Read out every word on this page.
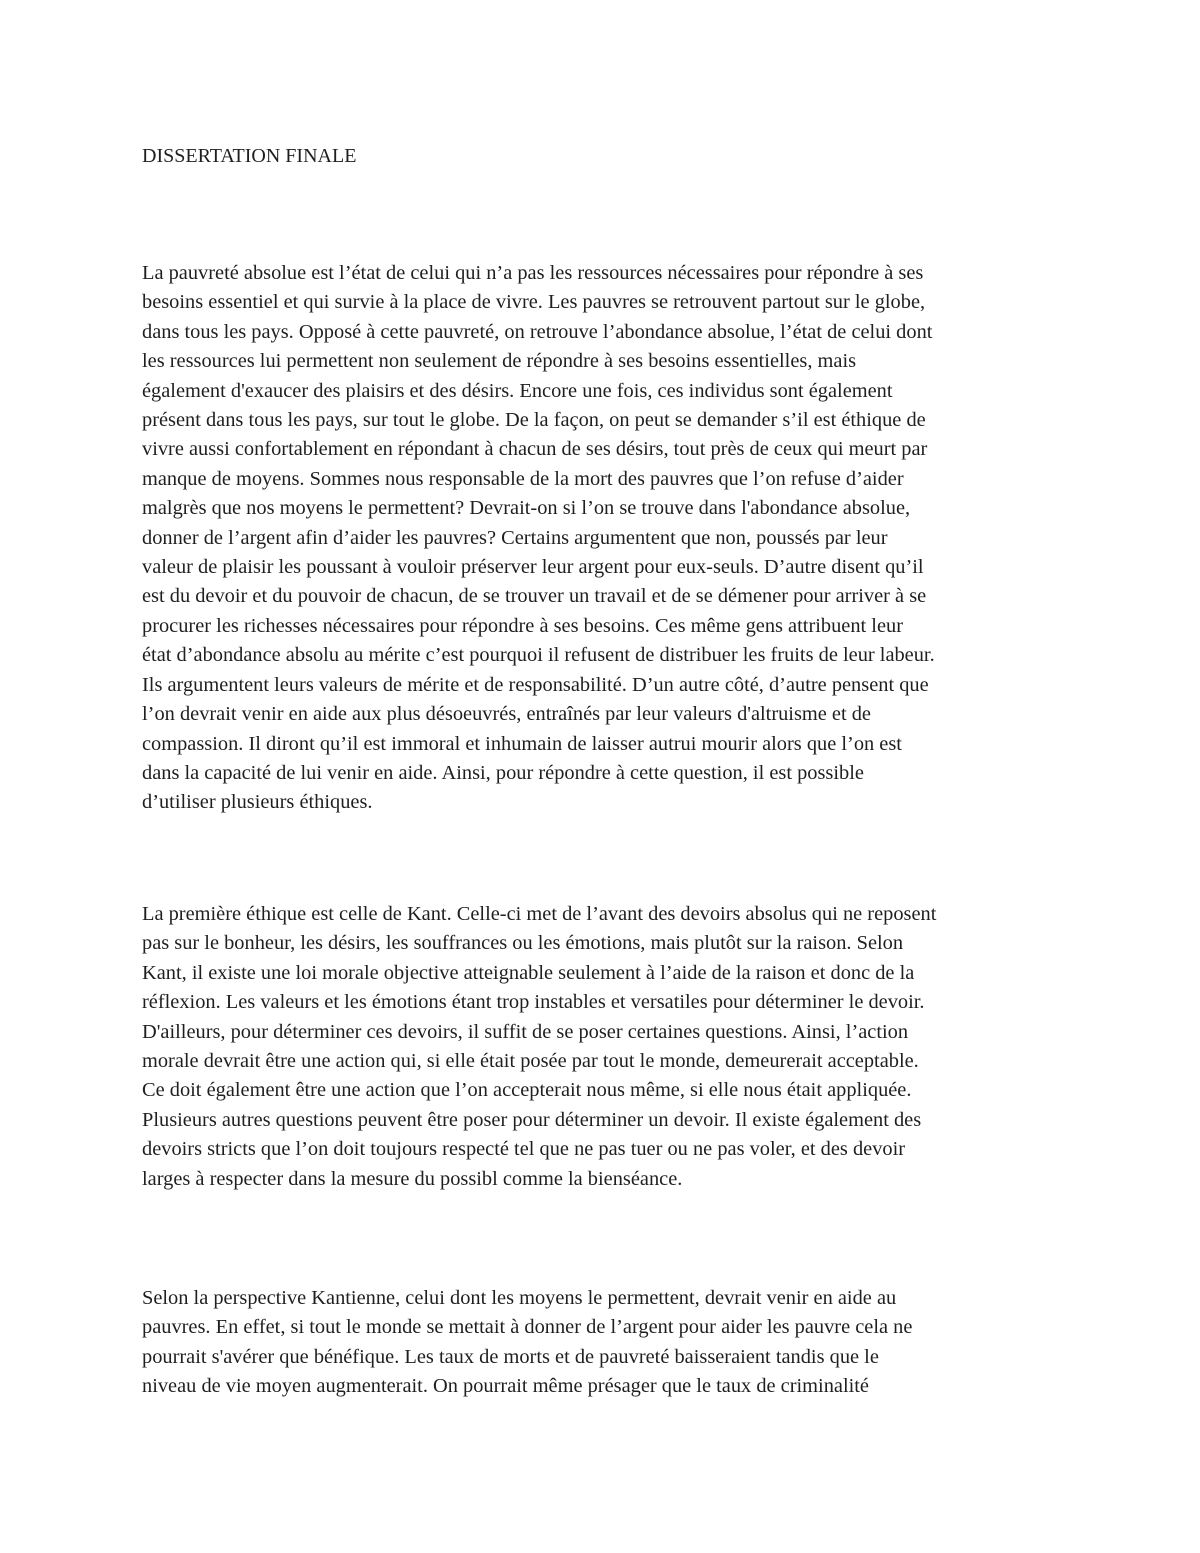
DISSERTATION FINALE

La pauvreté absolue est l’état de celui qui n’a pas les ressources nécessaires pour répondre à ses
besoins essentiel et qui survie à la place de vivre. Les pauvres se retrouvent partout sur le globe,
dans tous les pays. Opposé à cette pauvreté, on retrouve l’abondance absolue, l’état de celui dont
les ressources lui permettent non seulement de répondre à ses besoins essentielles, mais
également d'exaucer des plaisirs et des désirs. Encore une fois, ces individus sont également
présent dans tous les pays, sur tout le globe. De la façon, on peut se demander s’il est éthique de
vivre aussi confortablement en répondant à chacun de ses désirs, tout près de ceux qui meurt par
manque de moyens. Sommes nous responsable de la mort des pauvres que l’on refuse d’aider
malgrès que nos moyens le permettent? Devrait-on si l’on se trouve dans l'abondance absolue,
donner de l’argent afin d’aider les pauvres? Certains argumentent que non, poussés par leur
valeur de plaisir les poussant à vouloir préserver leur argent pour eux-seuls. D’autre disent qu’il
est du devoir et du pouvoir de chacun, de se trouver un travail et de se démener pour arriver à se
procurer les richesses nécessaires pour répondre à ses besoins. Ces même gens attribuent leur
état d’abondance absolu au mérite c’est pourquoi il refusent de distribuer les fruits de leur labeur.
Ils argumentent leurs valeurs de mérite et de responsabilité. D’un autre côté, d’autre pensent que
l’on devrait venir en aide aux plus désoeuvrés, entraînés par leur valeurs d'altruisme et de
compassion. Il diront qu’il est immoral et inhumain de laisser autrui mourir alors que l’on est
dans la capacité de lui venir en aide. Ainsi, pour répondre à cette question, il est possible
d’utiliser plusieurs éthiques.

La première éthique est celle de Kant. Celle-ci met de l’avant des devoirs absolus qui ne reposent
pas sur le bonheur, les désirs, les souffrances ou les émotions, mais plutôt sur la raison. Selon
Kant, il existe une loi morale objective atteignable seulement à l’aide de la raison et donc de la
réflexion. Les valeurs et les émotions étant trop instables et versatiles pour déterminer le devoir.
D'ailleurs, pour déterminer ces devoirs, il suffit de se poser certaines questions. Ainsi, l’action
morale devrait être une action qui, si elle était posée par tout le monde, demeurerait acceptable.
Ce doit également être une action que l’on accepterait nous même, si elle nous était appliquée.
Plusieurs autres questions peuvent être poser pour déterminer un devoir. Il existe également des
devoirs stricts que l’on doit toujours respecté tel que ne pas tuer ou ne pas voler, et des devoir
larges à respecter dans la mesure du possibl comme la bienséance.

Selon la perspective Kantienne, celui dont les moyens le permettent, devrait venir en aide au
pauvres. En effet, si tout le monde se mettait à donner de l’argent pour aider les pauvre cela ne
pourrait s'avérer que bénéfique. Les taux de morts et de pauvreté baisseraient tandis que le
niveau de vie moyen augmenterait. On pourrait même présager que le taux de criminalité
